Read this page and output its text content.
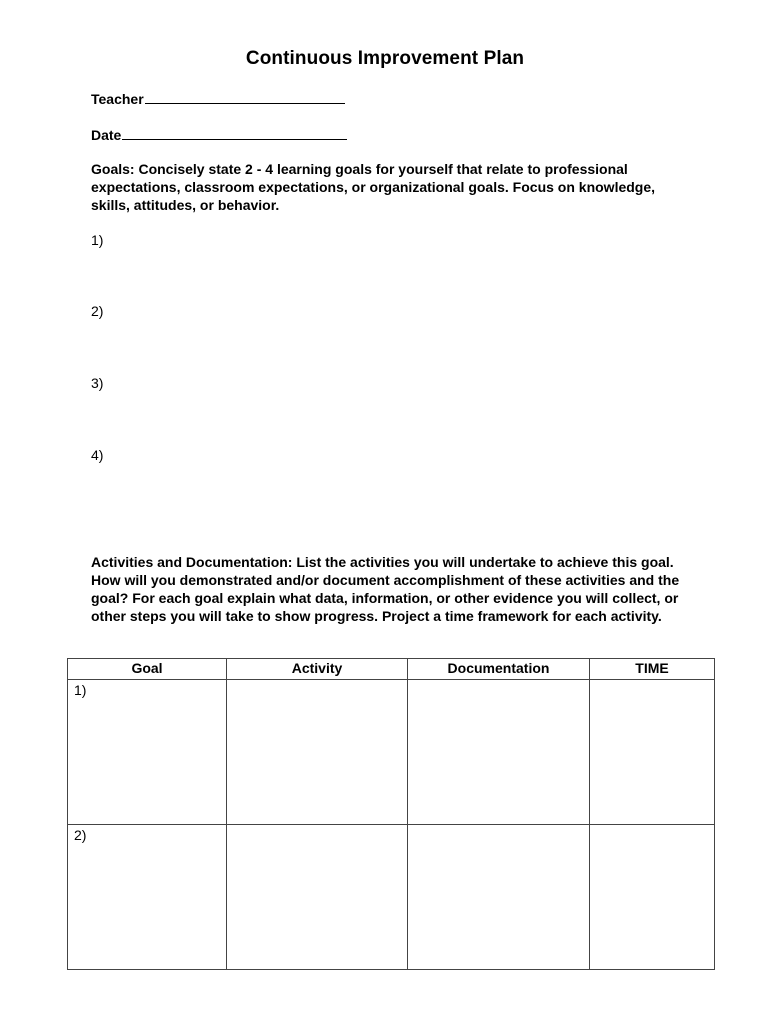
Continuous Improvement Plan
Teacher
Date
Goals: Concisely state 2 - 4 learning goals for yourself that relate to professional expectations, classroom expectations, or organizational goals. Focus on knowledge, skills, attitudes, or behavior.
1)
2)
3)
4)
Activities and Documentation: List the activities you will undertake to achieve this goal. How will you demonstrated and/or document accomplishment of these activities and the goal? For each goal explain what data, information, or other evidence you will collect, or other steps you will take to show progress. Project a time framework for each activity.
Goal	Activity	Documentation	TIME
1)			
2)			
